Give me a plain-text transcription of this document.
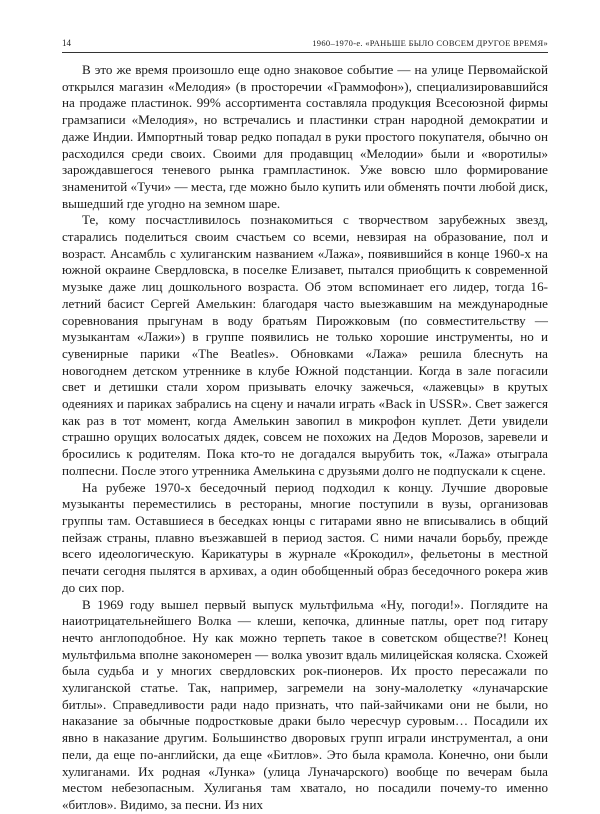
14	1960–1970-е. «РАНЬШЕ БЫЛО СОВСЕМ ДРУГОЕ ВРЕМЯ»

В это же время произошло еще одно знаковое событие — на улице Первомайской открылся магазин «Мелодия» (в просторечии «Граммофон»), специализировавшийся на продаже пластинок. 99% ассортимента составляла продукция Всесоюзной фирмы грамзаписи «Мелодия», но встречались и пластинки стран народной демократии и даже Индии. Импортный товар редко попадал в руки простого покупателя, обычно он расходился среди своих. Своими для продавщиц «Мелодии» были и «воротилы» зарождавшегося теневого рынка грампластинок. Уже вовсю шло формирование знаменитой «Тучи» — места, где можно было купить или обменять почти любой диск, вышедший где угодно на земном шаре.

Те, кому посчастливилось познакомиться с творчеством зарубежных звезд, старались поделиться своим счастьем со всеми, невзирая на образование, пол и возраст. Ансамбль с хулиганским названием «Лажа», появившийся в конце 1960-х на южной окраине Свердловска, в поселке Елизавет, пытался приобщить к современной музыке даже лиц дошкольного возраста. Об этом вспоминает его лидер, тогда 16-летний басист Сергей Амелькин: благодаря часто выезжавшим на международные соревнования прыгунам в воду братьям Пирожковым (по совместительству — музыкантам «Лажи») в группе появились не только хорошие инструменты, но и сувенирные парики «The Beatles». Обновками «Лажа» решила блеснуть на новогоднем детском утреннике в клубе Южной подстанции. Когда в зале погасили свет и детишки стали хором призывать елочку зажечься, «лажевцы» в крутых одеяниях и париках забрались на сцену и начали играть «Back in USSR». Свет зажегся как раз в тот момент, когда Амелькин завопил в микрофон куплет. Дети увидели страшно орущих волосатых дядек, совсем не похожих на Дедов Морозов, заревели и бросились к родителям. Пока кто-то не догадался вырубить ток, «Лажа» отыграла полпесни. После этого утренника Амелькина с друзьями долго не подпускали к сцене.

На рубеже 1970-х беседочный период подходил к концу. Лучшие дворовые музыканты переместились в рестораны, многие поступили в вузы, организовав группы там. Оставшиеся в беседках юнцы с гитарами явно не вписывались в общий пейзаж страны, плавно въезжавшей в период застоя. С ними начали борьбу, прежде всего идеологическую. Карикатуры в журнале «Крокодил», фельетоны в местной печати сегодня пылятся в архивах, а один обобщенный образ беседочного рокера жив до сих пор.

В 1969 году вышел первый выпуск мультфильма «Ну, погоди!». Поглядите на наиотрицательнейшего Волка — клеши, кепочка, длинные патлы, орет под гитару нечто англоподобное. Ну как можно терпеть такое в советском обществе?! Конец мультфильма вполне закономерен — волка увозит вдаль милицейская коляска. Схожей была судьба и у многих свердловских рок-пионеров. Их просто пересажали по хулиганской статье. Так, например, загремели на зону-малолетку «луначарские битлы». Справедливости ради надо признать, что пай-зайчиками они не были, но наказание за обычные подростковые драки было чересчур суровым… Посадили их явно в наказание другим. Большинство дворовых групп играли инструментал, а они пели, да еще по-английски, да еще «Битлов». Это была крамола. Конечно, они были хулиганами. Их родная «Лунка» (улица Луначарского) вообще по вечерам была местом небезопасным. Хулиганья там хватало, но посадили почему-то именно «битлов». Видимо, за песни. Из них
